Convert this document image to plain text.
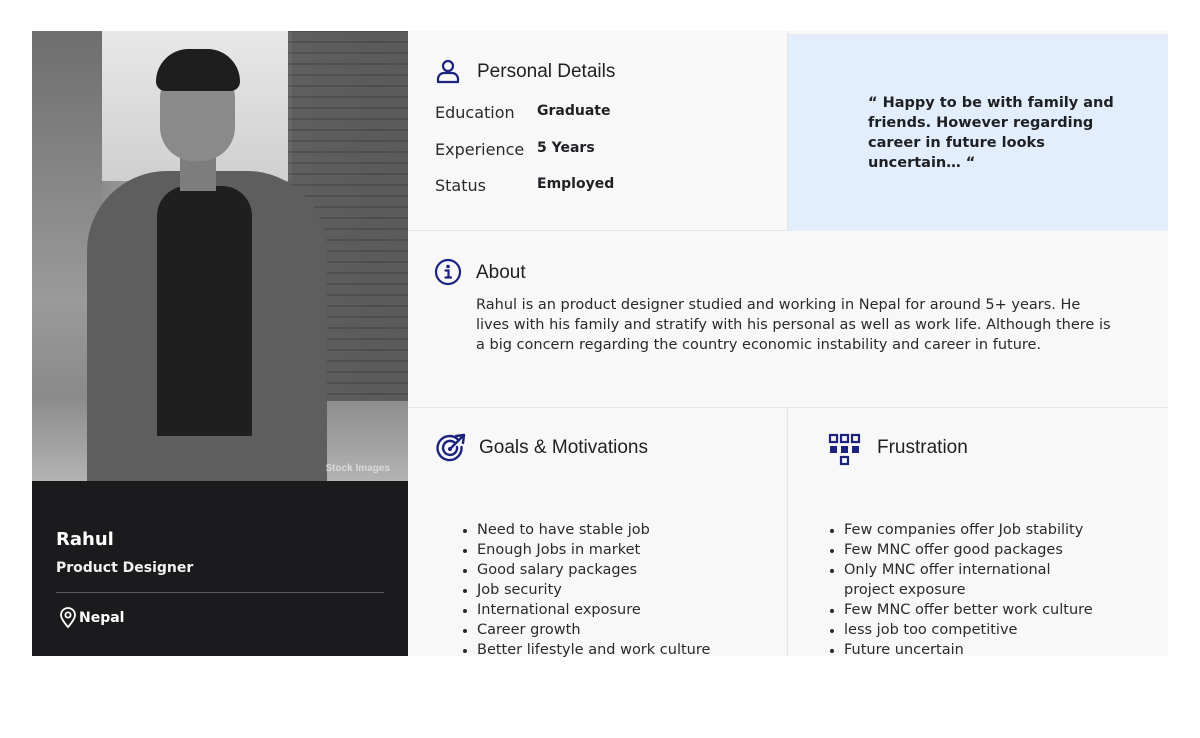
Stock Images
Rahul
Product Designer
Nepal
Personal Details
Education Graduate
Experience 5 Years
Status	Employed
“ Happy to be with family and friends. However regarding career in future looks uncertain… “
About
Rahul is an product designer studied and working in Nepal for around 5+ years. He lives with his family and stratify with his personal as well as work life. Although there is a big concern regarding the country economic instability and career in future.
Goals & Motivations
Need to have stable job
Enough Jobs in market
Good salary packages
Job security
International exposure
Career growth
Better lifestyle and work culture
Frustration
Few companies offer Job stability
Few MNC offer good packages
Only MNC offer international project exposure
Few MNC offer better work culture
less job too competitive
Future uncertain
